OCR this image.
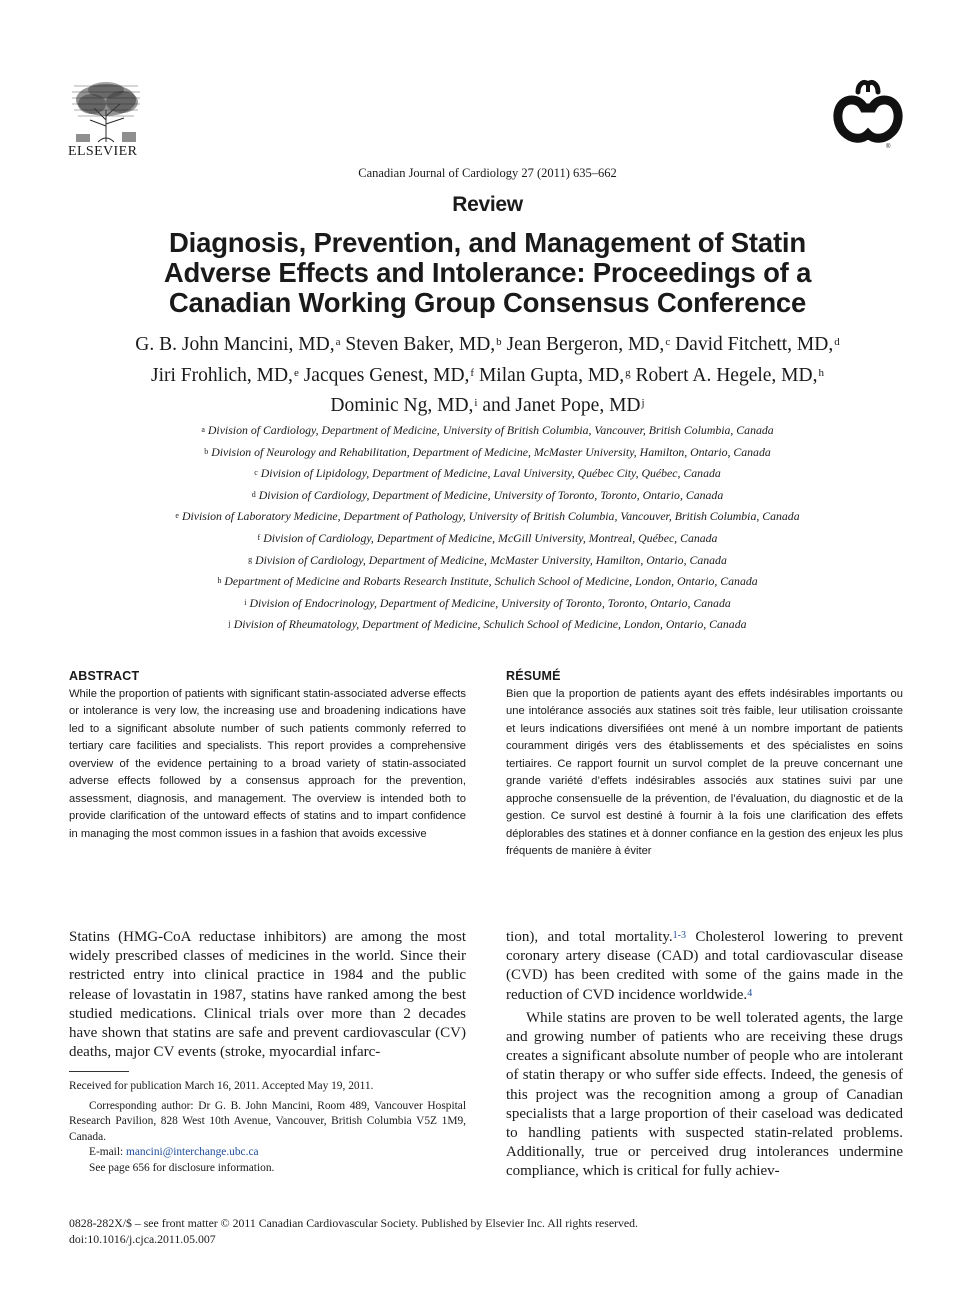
ELSEVIER	®
Canadian Journal of Cardiology 27 (2011) 635–662
Review
Diagnosis, Prevention, and Management of Statin
Adverse Effects and Intolerance: Proceedings of a
Canadian Working Group Consensus Conference
G. B. John Mancini, MD,$^a$ Steven Baker, MD,$^b$ Jean Bergeron, MD,$^c$ David Fitchett, MD,$^d$
Jiri Frohlich, MD,$^e$ Jacques Genest, MD,$^f$ Milan Gupta, MD,$^g$ Robert A. Hegele, MD,$^h$
Dominic Ng, MD,$^i$ and Janet Pope, $MD^j$
$^a$ Division of Cardiology, Department of Medicine, University of British Columbia, Vancouver, British Columbia, Canada
$^b$ Division of Neurology and Rehabilitation, Department of Medicine, McMaster University, Hamilton, Ontario, Canada
$^c$ Division of Lipidology, Department of Medicine, Laval University, Québec City, Québec, Canada
$^d$ Division of Cardiology, Department of Medicine, University of Toronto, Toronto, Ontario, Canada
$^e$ Division of Laboratory Medicine, Department of Pathology, University of British Columbia, Vancouver, British Columbia, Canada
$^f$ Division of Cardiology, Department of Medicine, McGill University, Montreal, Québec, Canada
$^g$ Division of Cardiology, Department of Medicine, McMaster University, Hamilton, Ontario, Canada
$^h$ Department of Medicine and Robarts Research Institute, Schulich School of Medicine, London, Ontario, Canada
$^i$ Division of Endocrinology, Department of Medicine, University of Toronto, Toronto, Ontario, Canada
$^j$ Division of Rheumatology, Department of Medicine, Schulich School of Medicine, London, Ontario, Canada
ABSTRACT
While the proportion of patients with significant statin-associated adverse effects or intolerance is very low, the increasing use and broadening indications have led to a significant absolute number of such patients commonly referred to tertiary care facilities and specialists. This report provides a comprehensive overview of the evidence pertaining to a broad variety of statin-associated adverse effects followed by a consensus approach for the prevention, assessment, diagnosis, and management. The overview is intended both to provide clarification of the untoward effects of statins and to impart confidence in managing the most common issues in a fashion that avoids excessive
RÉSUMÉ
Bien que la proportion de patients ayant des effets indésirables importants ou une intolérance associés aux statines soit très faible, leur utilisation croissante et leurs indications diversifiées ont mené à un nombre important de patients couramment dirigés vers des établissements et des spécialistes en soins tertiaires. Ce rapport fournit un survol complet de la preuve concernant une grande variété d’effets indésirables associés aux statines suivi par une approche consensuelle de la prévention, de l’évaluation, du diagnostic et de la gestion. Ce survol est destiné à fournir à la fois une clarification des effets déplorables des statines et à donner confiance en la gestion des enjeux les plus fréquents de manière à éviter

Statins (HMG-CoA reductase inhibitors) are among the most widely prescribed classes of medicines in the world. Since their restricted entry into clinical practice in 1984 and the public release of lovastatin in 1987, statins have ranked among the best studied medications. Clinical trials over more than 2 decades have shown that statins are safe and prevent cardiovascular (CV) deaths, major CV events (stroke, myocardial infarc-

tion), and total mortality.$^{1-3}$ Cholesterol lowering to prevent coronary artery disease (CAD) and total cardiovascular disease (CVD) has been credited with some of the gains made in the reduction of CVD incidence worldwide.$^4$

While statins are proven to be well tolerated agents, the large and growing number of patients who are receiving these drugs creates a significant absolute number of people who are intolerant of statin therapy or who suffer side effects. Indeed, the genesis of this project was the recognition among a group of Canadian specialists that a large proportion of their caseload was dedicated to handling patients with suspected statin-related problems. Additionally, true or perceived drug intolerances undermine compliance, which is critical for fully achiev-

Received for publication March 16, 2011. Accepted May 19, 2011.

Corresponding author: Dr G. B. John Mancini, Room 489, Vancouver Hospital Research Pavilion, 828 West 10th Avenue, Vancouver, British Columbia V5Z 1M9, Canada.

E-mail: mancini@interchange.ubc.ca

See page 656 for disclosure information.

0828-282X/$ – see front matter © 2011 Canadian Cardiovascular Society. Published by Elsevier Inc. All rights reserved.
doi:10.1016/j.cjca.2011.05.007
